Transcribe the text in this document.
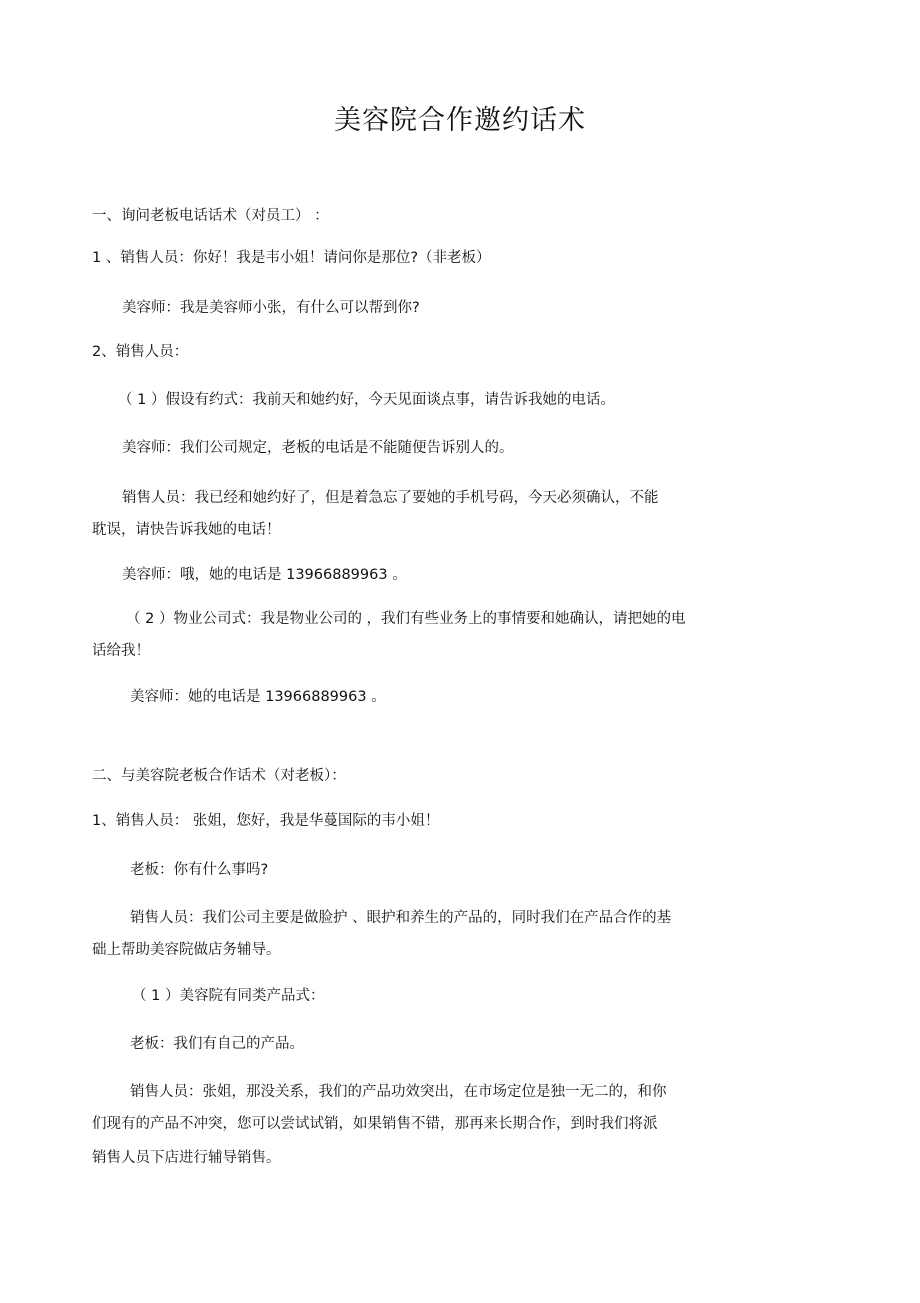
美容院合作邀约话术
一、询问老板电话话术（对员工） ：
1 、销售人员：你好！我是韦小姐！请问你是那位?（非老板）
美容师：我是美容师小张，有什么可以帮到你?
2、销售人员：
（ 1 ）假设有约式：我前天和她约好，今天见面谈点事，请告诉我她的电话。
美容师：我们公司规定，老板的电话是不能随便告诉别人的。
销售人员：我已经和她约好了，但是着急忘了要她的手机号码，今天必须确认，不能
耽误，请快告诉我她的电话！
美容师：哦，她的电话是 13966889963 。
（ 2 ）物业公司式：我是物业公司的 ，我们有些业务上的事情要和她确认，请把她的电
话给我！
美容师：她的电话是 13966889963 。
二、与美容院老板合作话术（对老板）：
1、销售人员： 张姐，您好，我是华蔓国际的韦小姐！
老板：你有什么事吗?
销售人员：我们公司主要是做脸护 、眼护和养生的产品的，同时我们在产品合作的基
础上帮助美容院做店务辅导。
（ 1 ）美容院有同类产品式：
老板：我们有自己的产品。
销售人员：张姐，那没关系，我们的产品功效突出，在市场定位是独一无二的，和你
们现有的产品不冲突，您可以尝试试销，如果销售不错，那再来长期合作，到时我们将派
销售人员下店进行辅导销售。
